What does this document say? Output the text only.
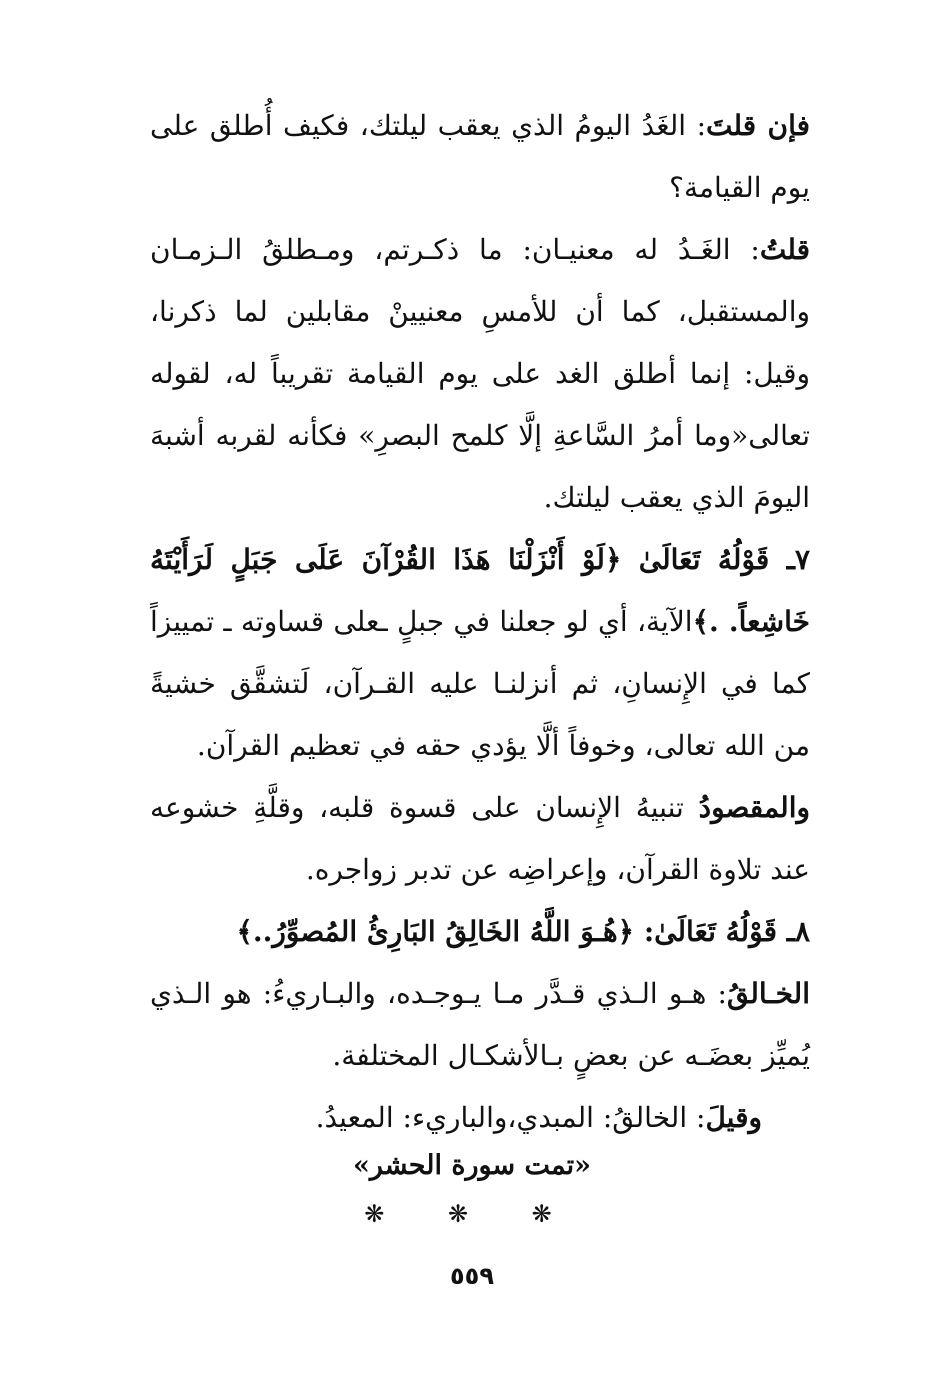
فإن قلتَ: الغَدُ اليومُ الذي يعقب ليلتك، فكيف أُطلق على يوم القيامة؟

قلتُ: الغَـدُ له معنيـان: ما ذكـرتم، ومـطلقُ الـزمـان والمستقبل، كما أن للأمسِ معنيينْ مقابلين لما ذكرنا، وقيل: إنما أطلق الغد على يوم القيامة تقريباً له، لقوله تعالى«وما أمرُ السَّاعةِ إلَّا كلمح البصرِ» فكأنه لقربه أشبهَ اليومَ الذي يعقب ليلتك.

٧ـ قَوْلُهُ تَعَالَىٰ ﴿لَوْ أَنْزَلْنَا هَذَا القُرْآنَ عَلَى جَبَلٍ لَرَأَيْتَهُ خَاشِعاً. .﴾الآية، أي لو جعلنا في جبلٍ ـعلى قساوته ـ تمييزاً كما في الإِنسانِ، ثم أنزلنـا عليه القـرآن، لَتشقَّق خشيةً من الله تعالى، وخوفاً ألَّا يؤدي حقه في تعظيم القرآن.

والمقصودُ تنبيهُ الإِنسان على قسوة قلبه، وقلَّةِ خشوعه عند تلاوة القرآن، وإعراضِه عن تدبر زواجره.

٨ـ قَوْلُهُ تَعَالَىٰ: ﴿هُـوَ اللَّهُ الخَالِقُ البَارِئُ المُصوِّرُ..﴾

الخـالقُ: هـو الـذي قـدَّر مـا يـوجـده، والبـاريءُ: هو الـذي يُميِّز بعضَـه عن بعضٍ بـالأشكـال المختلفة.

وقيلَ: الخالقُ: المبدي،والباريء: المعيدُ.

«تمت سورة الحشر»
❋ ❋ ❋
٥٥٩
